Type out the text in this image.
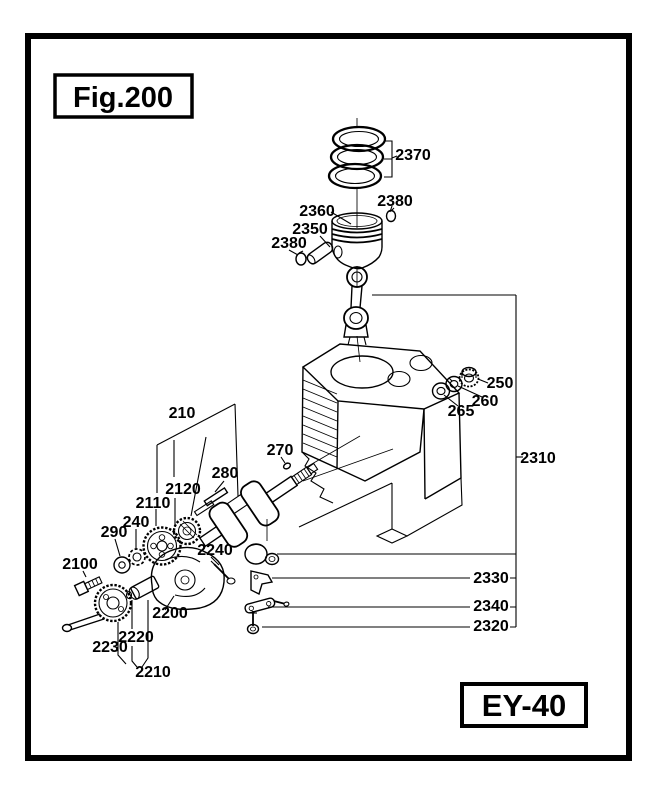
Fig.200
EY-40
2370
2380
2360
2350
2380
250
260
265
2310
210
270
280
2120
2110
240
290
2100
2240
2200
2220
2230
2210
2330
2340
2320
